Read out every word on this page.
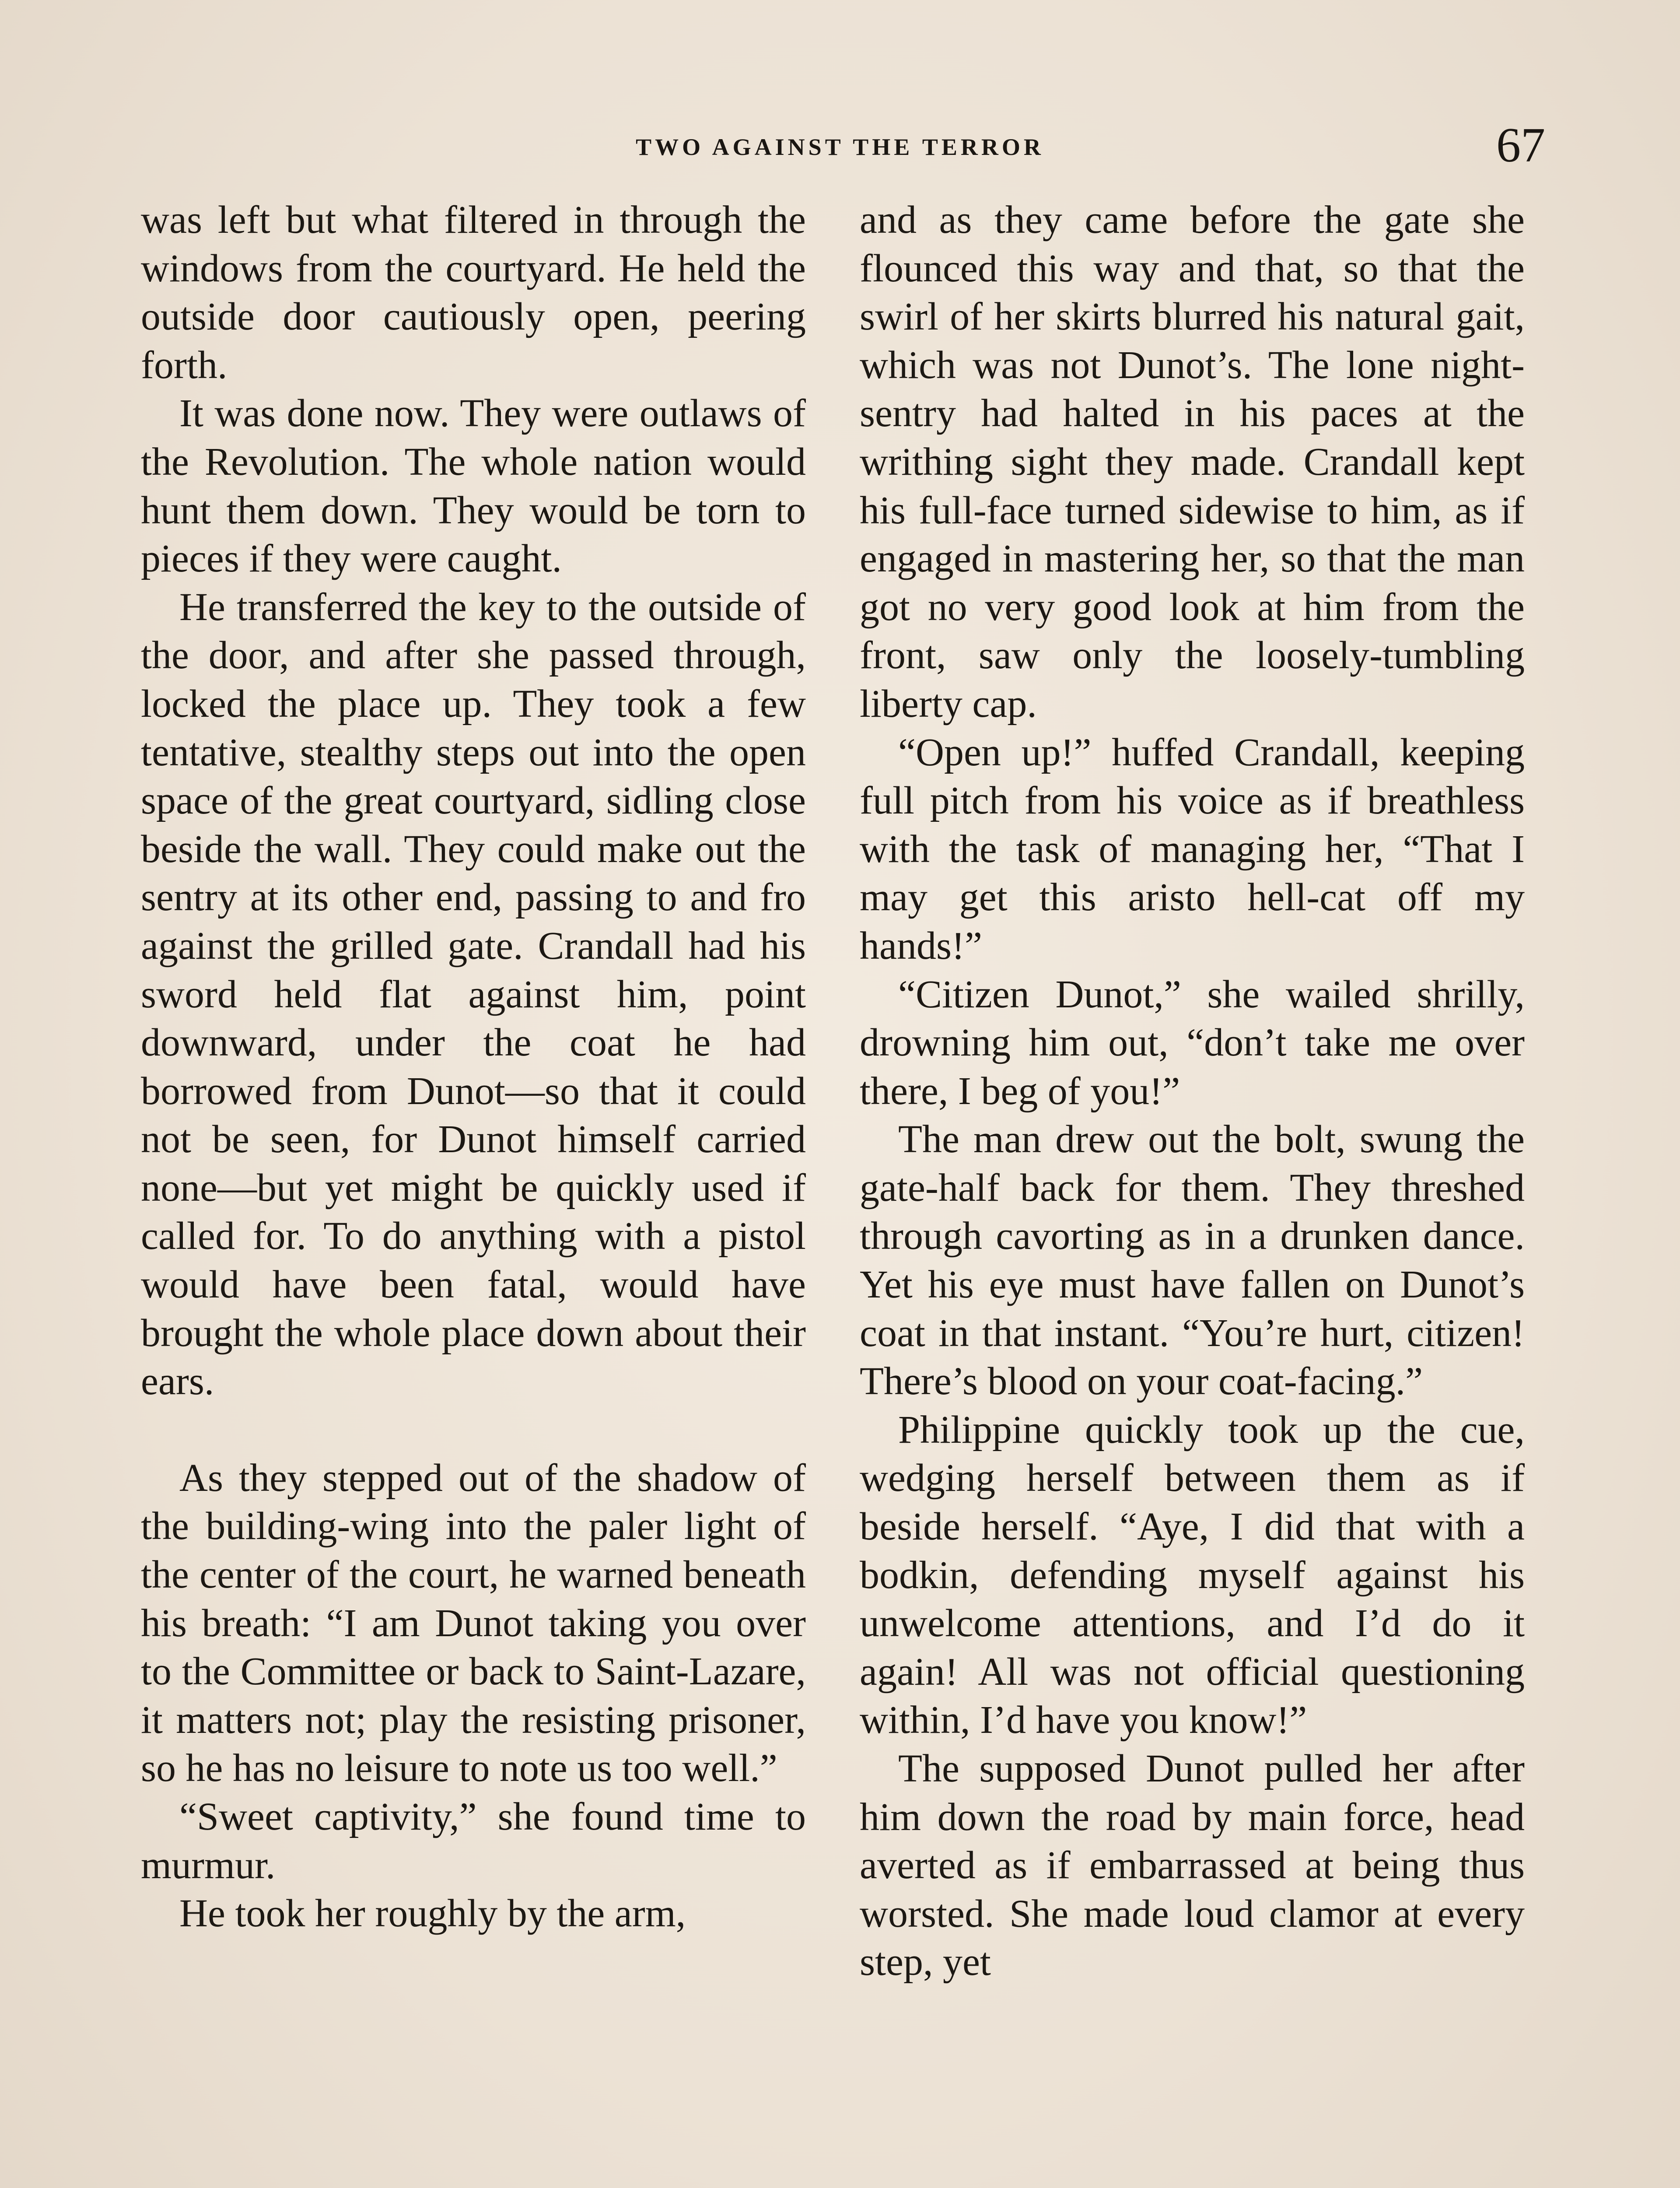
TWO AGAINST THE TERROR	67

was left but what filtered in through the windows from the courtyard. He held the outside door cautiously open, peering forth.

It was done now. They were outlaws of the Revolution. The whole nation would hunt them down. They would be torn to pieces if they were caught.

He transferred the key to the outside of the door, and after she passed through, locked the place up. They took a few tentative, stealthy steps out into the open space of the great courtyard, sidling close beside the wall. They could make out the sentry at its other end, passing to and fro against the grilled gate. Crandall had his sword held flat against him, point downward, under the coat he had borrowed from Dunot—so that it could not be seen, for Dunot himself carried none—but yet might be quickly used if called for. To do anything with a pistol would have been fatal, would have brought the whole place down about their ears.

As they stepped out of the shadow of the building-wing into the paler light of the center of the court, he warned beneath his breath: “I am Dunot taking you over to the Committee or back to Saint-Lazare, it matters not; play the resisting prisoner, so he has no leisure to note us too well.”

“Sweet captivity,” she found time to murmur.

He took her roughly by the arm,

and as they came before the gate she flounced this way and that, so that the swirl of her skirts blurred his natural gait, which was not Dunot’s. The lone night-sentry had halted in his paces at the writhing sight they made. Crandall kept his full-face turned sidewise to him, as if engaged in mastering her, so that the man got no very good look at him from the front, saw only the loosely-tumbling liberty cap.

“Open up!” huffed Crandall, keeping full pitch from his voice as if breathless with the task of managing her, “That I may get this aristo hell-cat off my hands!”

“Citizen Dunot,” she wailed shrilly, drowning him out, “don’t take me over there, I beg of you!”

The man drew out the bolt, swung the gate-half back for them. They threshed through cavorting as in a drunken dance. Yet his eye must have fallen on Dunot’s coat in that instant. “You’re hurt, citizen! There’s blood on your coat-facing.”

Philippine quickly took up the cue, wedging herself between them as if beside herself. “Aye, I did that with a bodkin, defending myself against his unwelcome attentions, and I’d do it again! All was not official questioning within, I’d have you know!”

The supposed Dunot pulled her after him down the road by main force, head averted as if embarrassed at being thus worsted. She made loud clamor at every step, yet
